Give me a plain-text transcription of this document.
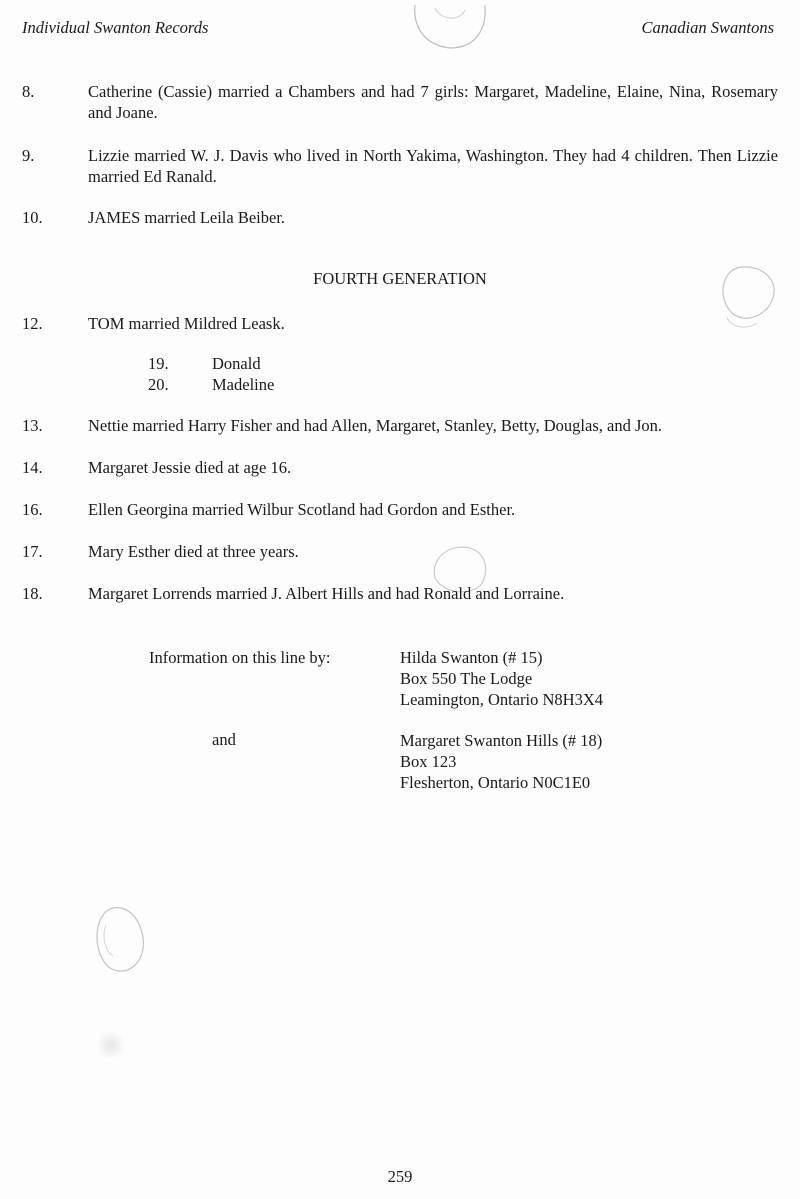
Individual Swanton Records	Canadian Swantons
8.	Catherine (Cassie) married a Chambers and had 7 girls: Margaret, Madeline, Elaine, Nina, Rosemary and Joane.
9.	Lizzie married W. J. Davis who lived in North Yakima, Washington. They had 4 children. Then Lizzie married Ed Ranald.
10.	JAMES married Leila Beiber.
FOURTH GENERATION
12.	TOM married Mildred Leask.
19.	Donald
20.	Madeline
13.	Nettie married Harry Fisher and had Allen, Margaret, Stanley, Betty, Douglas, and Jon.
14.	Margaret Jessie died at age 16.
16.	Ellen Georgina married Wilbur Scotland had Gordon and Esther.
17.	Mary Esther died at three years.
18.	Margaret Lorrends married J. Albert Hills and had Ronald and Lorraine.
Information on this line by:	Hilda Swanton (# 15)
Box 550 The Lodge
Leamington, Ontario N8H3X4
and	Margaret Swanton Hills (# 18)
Box 123
Flesherton, Ontario N0C1E0
259
